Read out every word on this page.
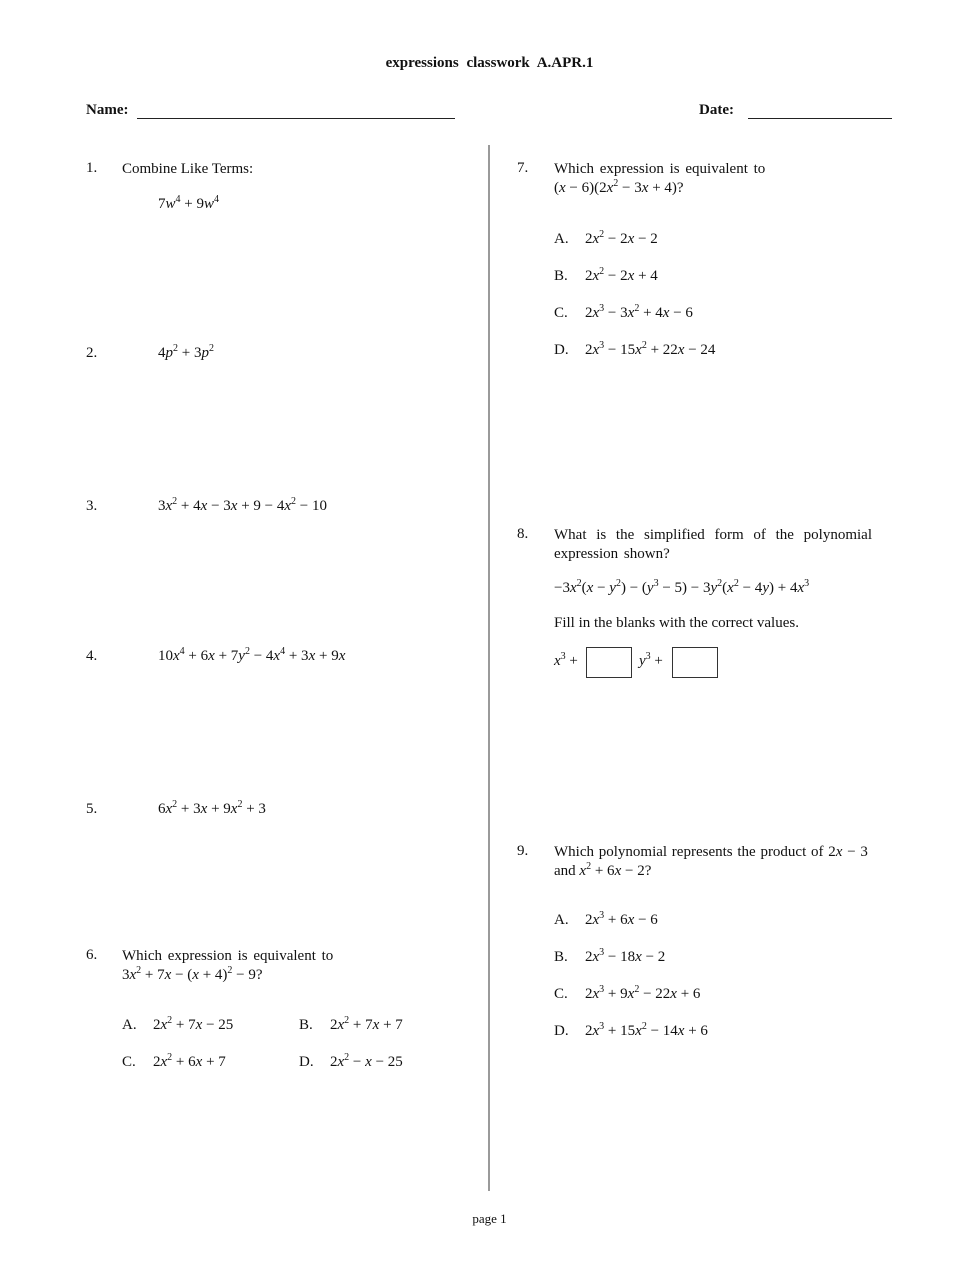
expressions classwork A.APR.1
Name:	Date:
1.	Combine Like Terms:
$7w^4 + 9w^4$
2.	$4p^2 + 3p^2$
3.	$3x^2 + 4x - 3x + 9 - 4x^2 - 10$
4.	$10x^4 + 6x + 7y^2 - 4x^4 + 3x + 9x$
5.	$6x^2 + 3x + 9x^2 + 3$
6.	Which expression is equivalent to
$3x^2 + 7x - (x + 4)^2 - 9$?
A.	$2x^2 + 7x - 25$	B.	$2x^2 + 7x + 7$
C.	$2x^2 + 6x + 7$	D.	$2x^2 - x - 25$
7.	Which expression is equivalent to
$(x - 6)(2x^2 - 3x + 4)$?
A.	$2x^2 - 2x - 2$
B.	$2x^2 - 2x + 4$
C.	$2x^3 - 3x^2 + 4x - 6$
D.	$2x^3 - 15x^2 + 22x - 24$
8.	What is the simplified form of the polynomial expression shown?
$-3x^2(x - y^2) - (y^3 - 5) - 3y^2(x^2 - 4y) + 4x^3$
Fill in the blanks with the correct values.
$x^3$ +	$y^3$ +
9.	Which polynomial represents the product of 2x − 3
and $x^2 + 6x - 2$?
A.	$2x^3 + 6x - 6$
B.	$2x^3 - 18x - 2$
C.	$2x^3 + 9x^2 - 22x + 6$
D.	$2x^3 + 15x^2 - 14x + 6$
page 1
